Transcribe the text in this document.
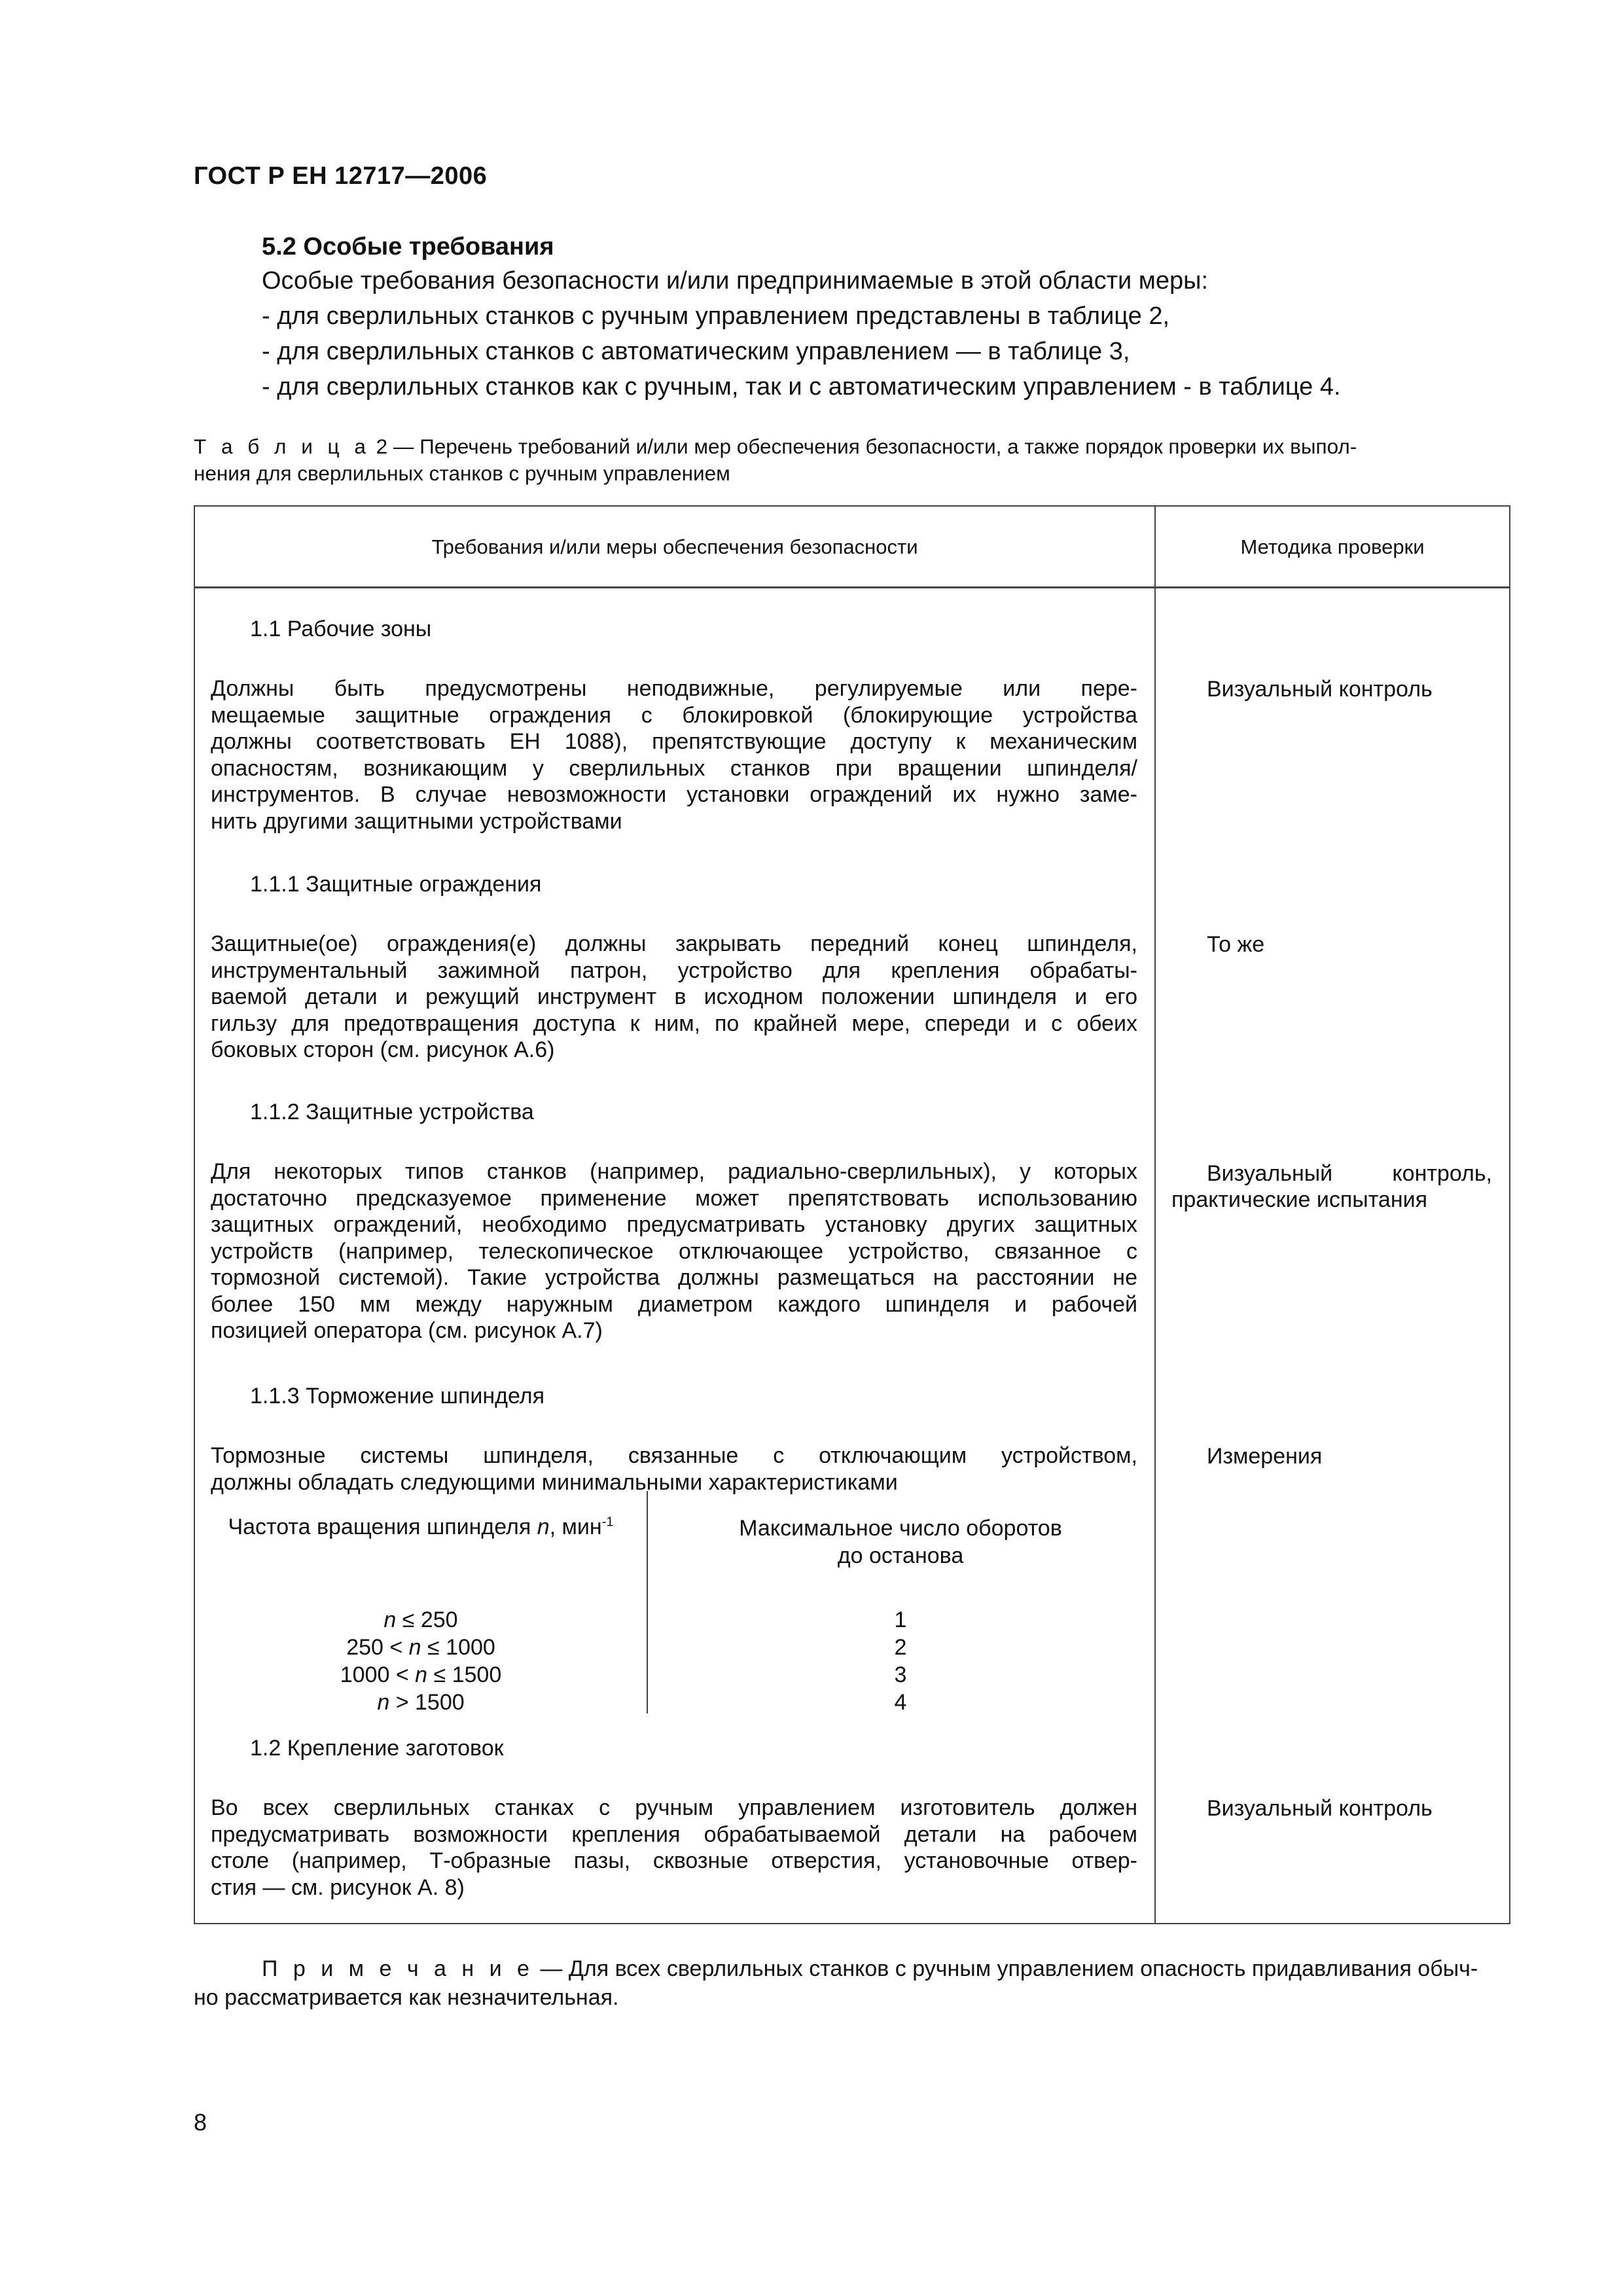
ГОСТ Р ЕН 12717—2006
5.2 Особые требования
Особые требования безопасности и/или предпринимаемые в этой области меры:
- для сверлильных станков с ручным управлением представлены в таблице 2,
- для сверлильных станков с автоматическим управлением — в таблице 3,
- для сверлильных станков как с ручным, так и с автоматическим управлением - в таблице 4.
Т а б л и ц а 2 — Перечень требований и/или мер обеспечения безопасности, а также порядок проверки их выпол-
нения для сверлильных станков с ручным управлением
Требования и/или меры обеспечения безопасности	Методика проверки
1.1 Рабочие зоны
Должны быть предусмотрены неподвижные, регулируемые или пере-
мещаемые защитные ограждения с блокировкой (блокирующие устройства
должны соответствовать ЕН 1088), препятствующие доступу к механическим
опасностям, возникающим у сверлильных станков при вращении шпинделя/
инструментов. В случае невозможности установки ограждений их нужно заме-
нить другими защитными устройствами
Визуальный контроль
1.1.1 Защитные ограждения
Защитные(ое) ограждения(е) должны закрывать передний конец шпинделя,
инструментальный зажимной патрон, устройство для крепления обрабаты-
ваемой детали и режущий инструмент в исходном положении шпинделя и его
гильзу для предотвращения доступа к ним, по крайней мере, спереди и с обеих
боковых сторон (см. рисунок А.6)
То же
1.1.2 Защитные устройства
Для некоторых типов станков (например, радиально-сверлильных), у которых
достаточно предсказуемое применение может препятствовать использованию
защитных ограждений, необходимо предусматривать установку других защитных
устройств (например, телескопическое отключающее устройство, связанное с
тормозной системой). Такие устройства должны размещаться на расстоянии не
более 150 мм между наружным диаметром каждого шпинделя и рабочей
позицией оператора (см. рисунок А.7)
Визуальный контроль,
практические испытания
1.1.3 Торможение шпинделя
Тормозные системы шпинделя, связанные с отключающим устройством,
должны обладать следующими минимальными характеристиками
Измерения
Частота вращения шпинделя n, мин$^{-1}$	Максимальное число оборотов
до останова
n ≤ 250
250 < n ≤ 1000
1000 < n ≤ 1500
n > 1500
1
2
3
4
1.2 Крепление заготовок
Во всех сверлильных станках с ручным управлением изготовитель должен
предусматривать возможности крепления обрабатываемой детали на рабочем
столе (например, Т-образные пазы, сквозные отверстия, установочные отвер-
стия — см. рисунок А. 8)
Визуальный контроль
П р и м е ч а н и е — Для всех сверлильных станков с ручным управлением опасность придавливания обыч-
но рассматривается как незначительная.
8
